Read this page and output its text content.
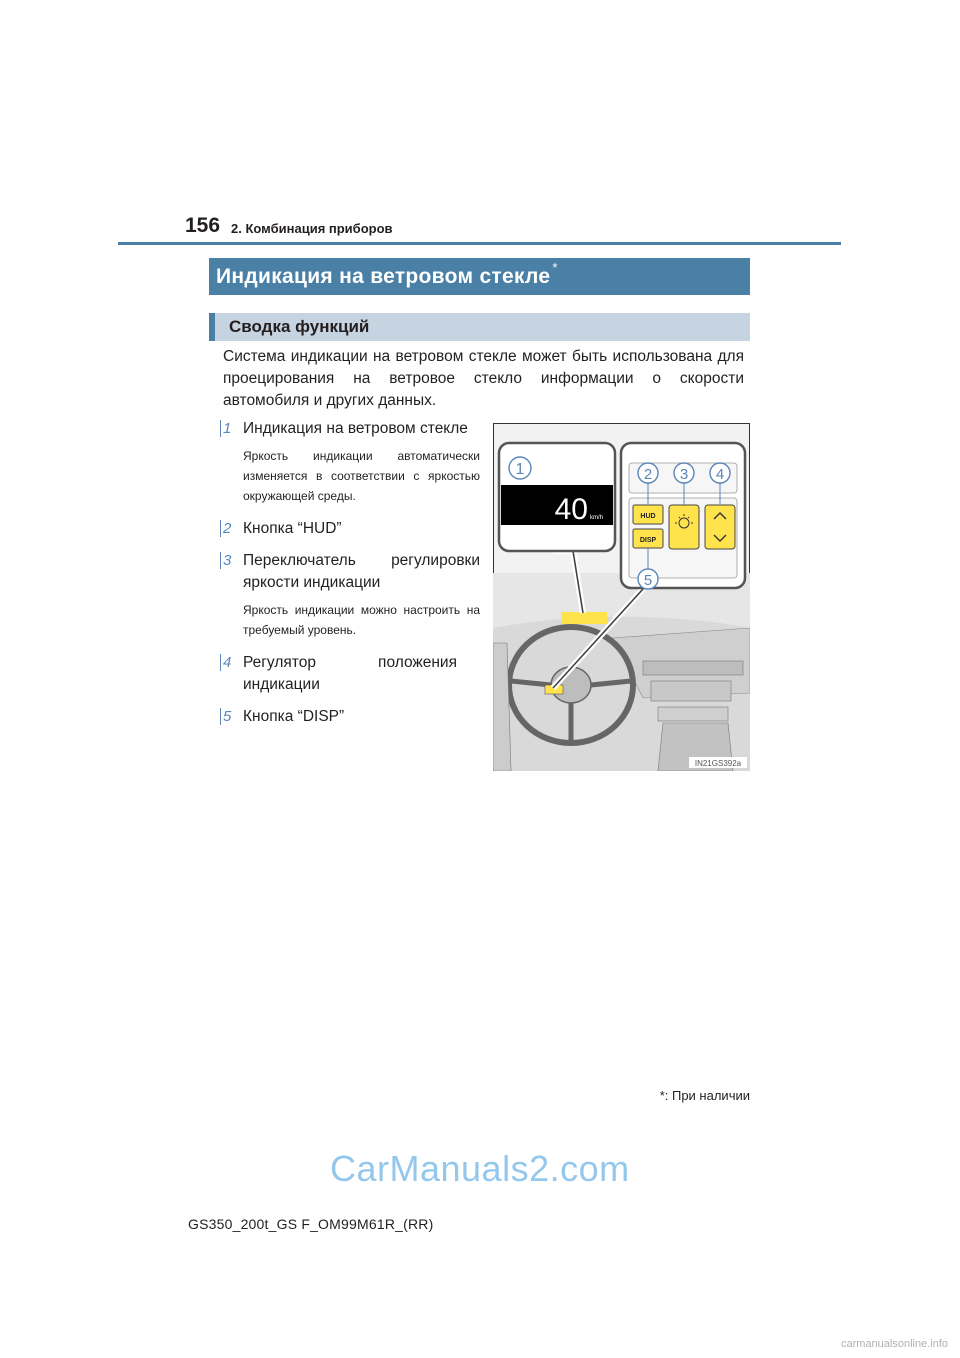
156 2. Комбинация приборов
Индикация на ветровом стекле *
Сводка функций
Система индикации на ветровом стекле может быть использована для проецирования на ветровое стекло информации о скорости автомобиля и других данных.
1 Индикация на ветровом стекле
Яркость индикации автоматически изменяется в соответствии с яркостью окружающей среды.
2 Кнопка “HUD”
3 Переключатель регулировки яркости индикации
Яркость индикации можно настроить на требуемый уровень.
4 Регулятор положения индикации
5 Кнопка “DISP”
40 km/h
1
HUD
DISP
2 3 4
5
IN21GS392a
*: При наличии
CarManuals2.com
GS350_200t_GS F_OM99M61R_(RR)
carmanualsonline.info
